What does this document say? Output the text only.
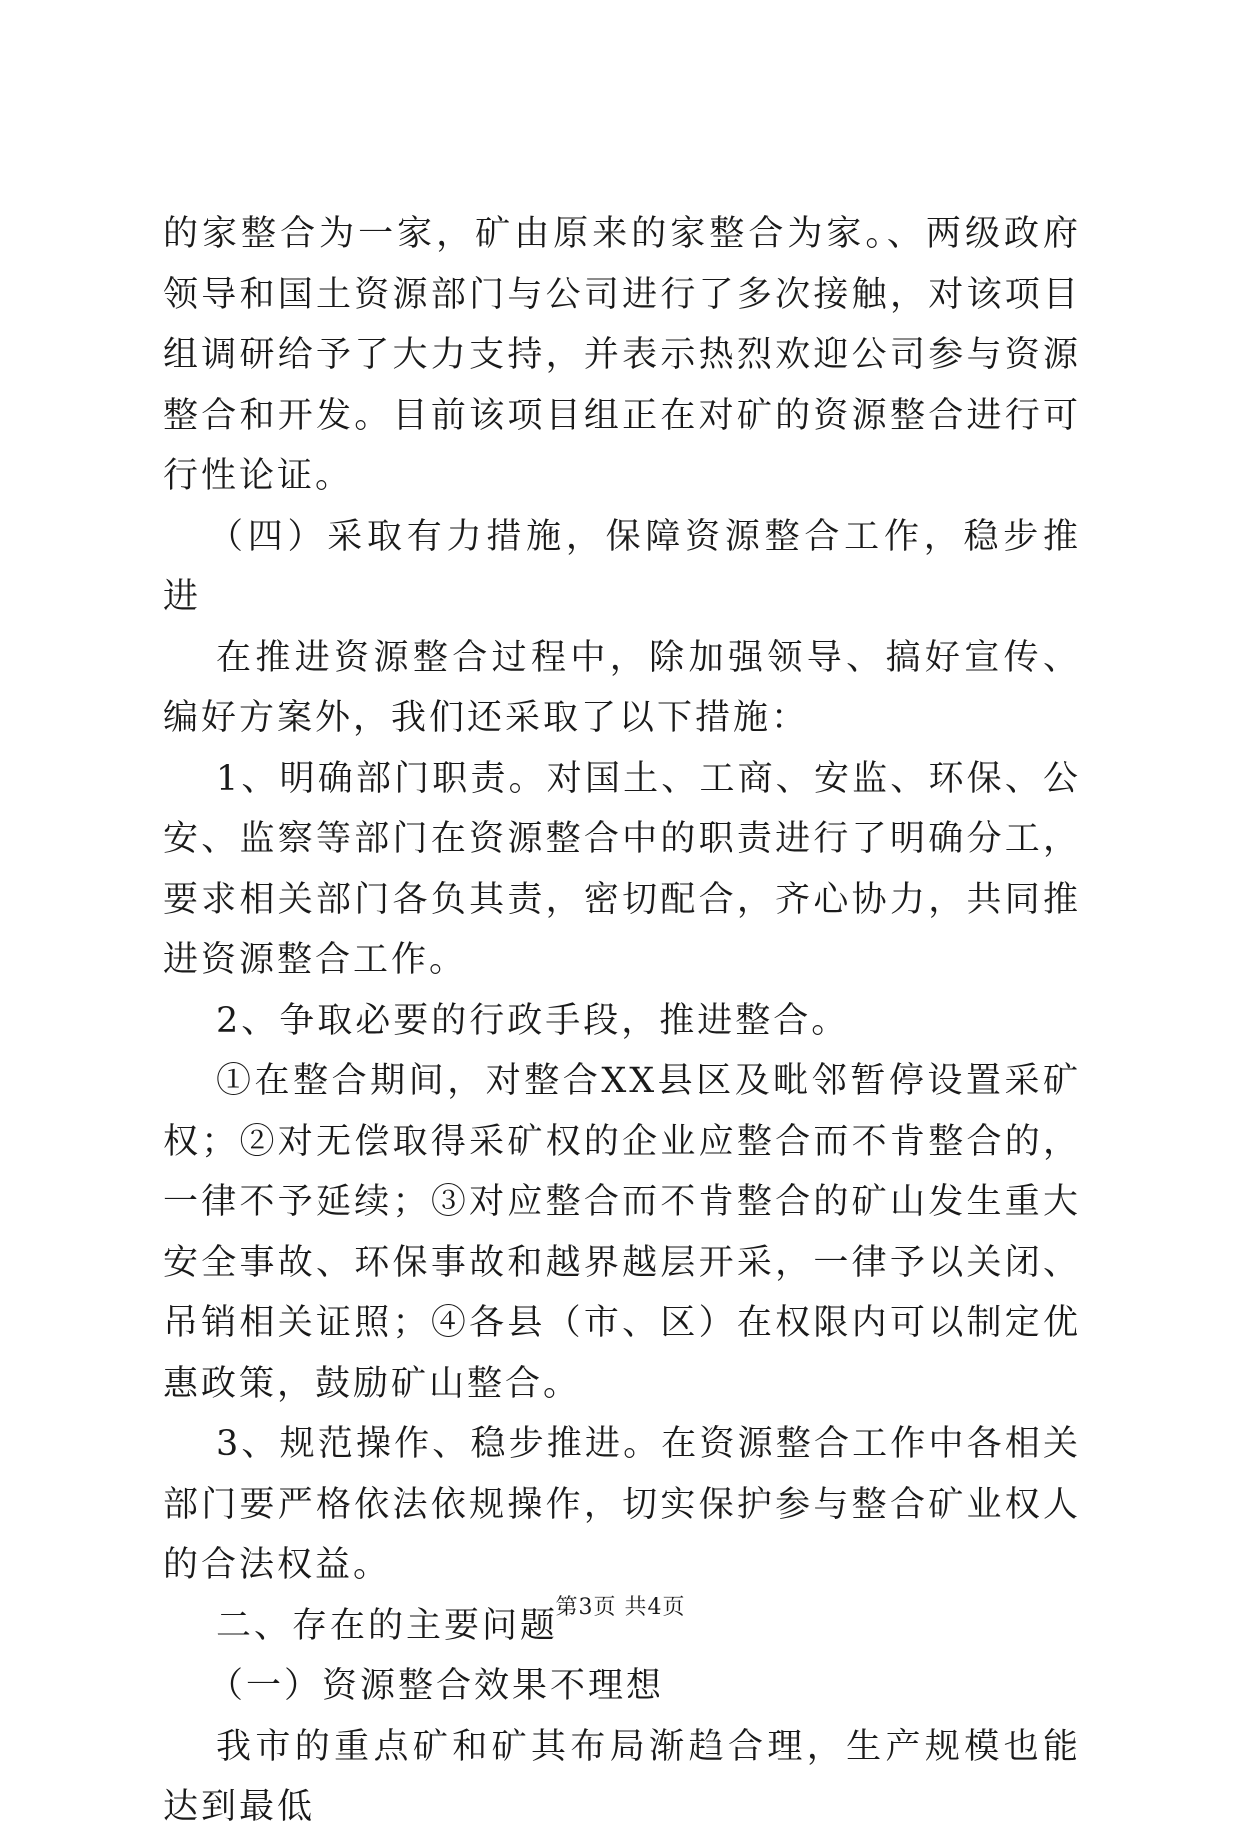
的家整合为一家，矿由原来的家整合为家。、两级政府领导和国土资源部门与公司进行了多次接触，对该项目组调研给予了大力支持，并表示热烈欢迎公司参与资源整合和开发。目前该项目组正在对矿的资源整合进行可行性论证。

（四）采取有力措施，保障资源整合工作，稳步推进

在推进资源整合过程中，除加强领导、搞好宣传、编好方案外，我们还采取了以下措施：

1、明确部门职责。对国土、工商、安监、环保、公安、监察等部门在资源整合中的职责进行了明确分工，要求相关部门各负其责，密切配合，齐心协力，共同推进资源整合工作。

2、争取必要的行政手段，推进整合。

①在整合期间，对整合XX县区及毗邻暂停设置采矿权；②对无偿取得采矿权的企业应整合而不肯整合的，一律不予延续；③对应整合而不肯整合的矿山发生重大安全事故、环保事故和越界越层开采，一律予以关闭、吊销相关证照；④各县（市、区）在权限内可以制定优惠政策，鼓励矿山整合。

3、规范操作、稳步推进。在资源整合工作中各相关部门要严格依法依规操作，切实保护参与整合矿业权人的合法权益。

二、存在的主要问题

（一）资源整合效果不理想

我市的重点矿和矿其布局渐趋合理，生产规模也能达到最低

第3页 共4页
